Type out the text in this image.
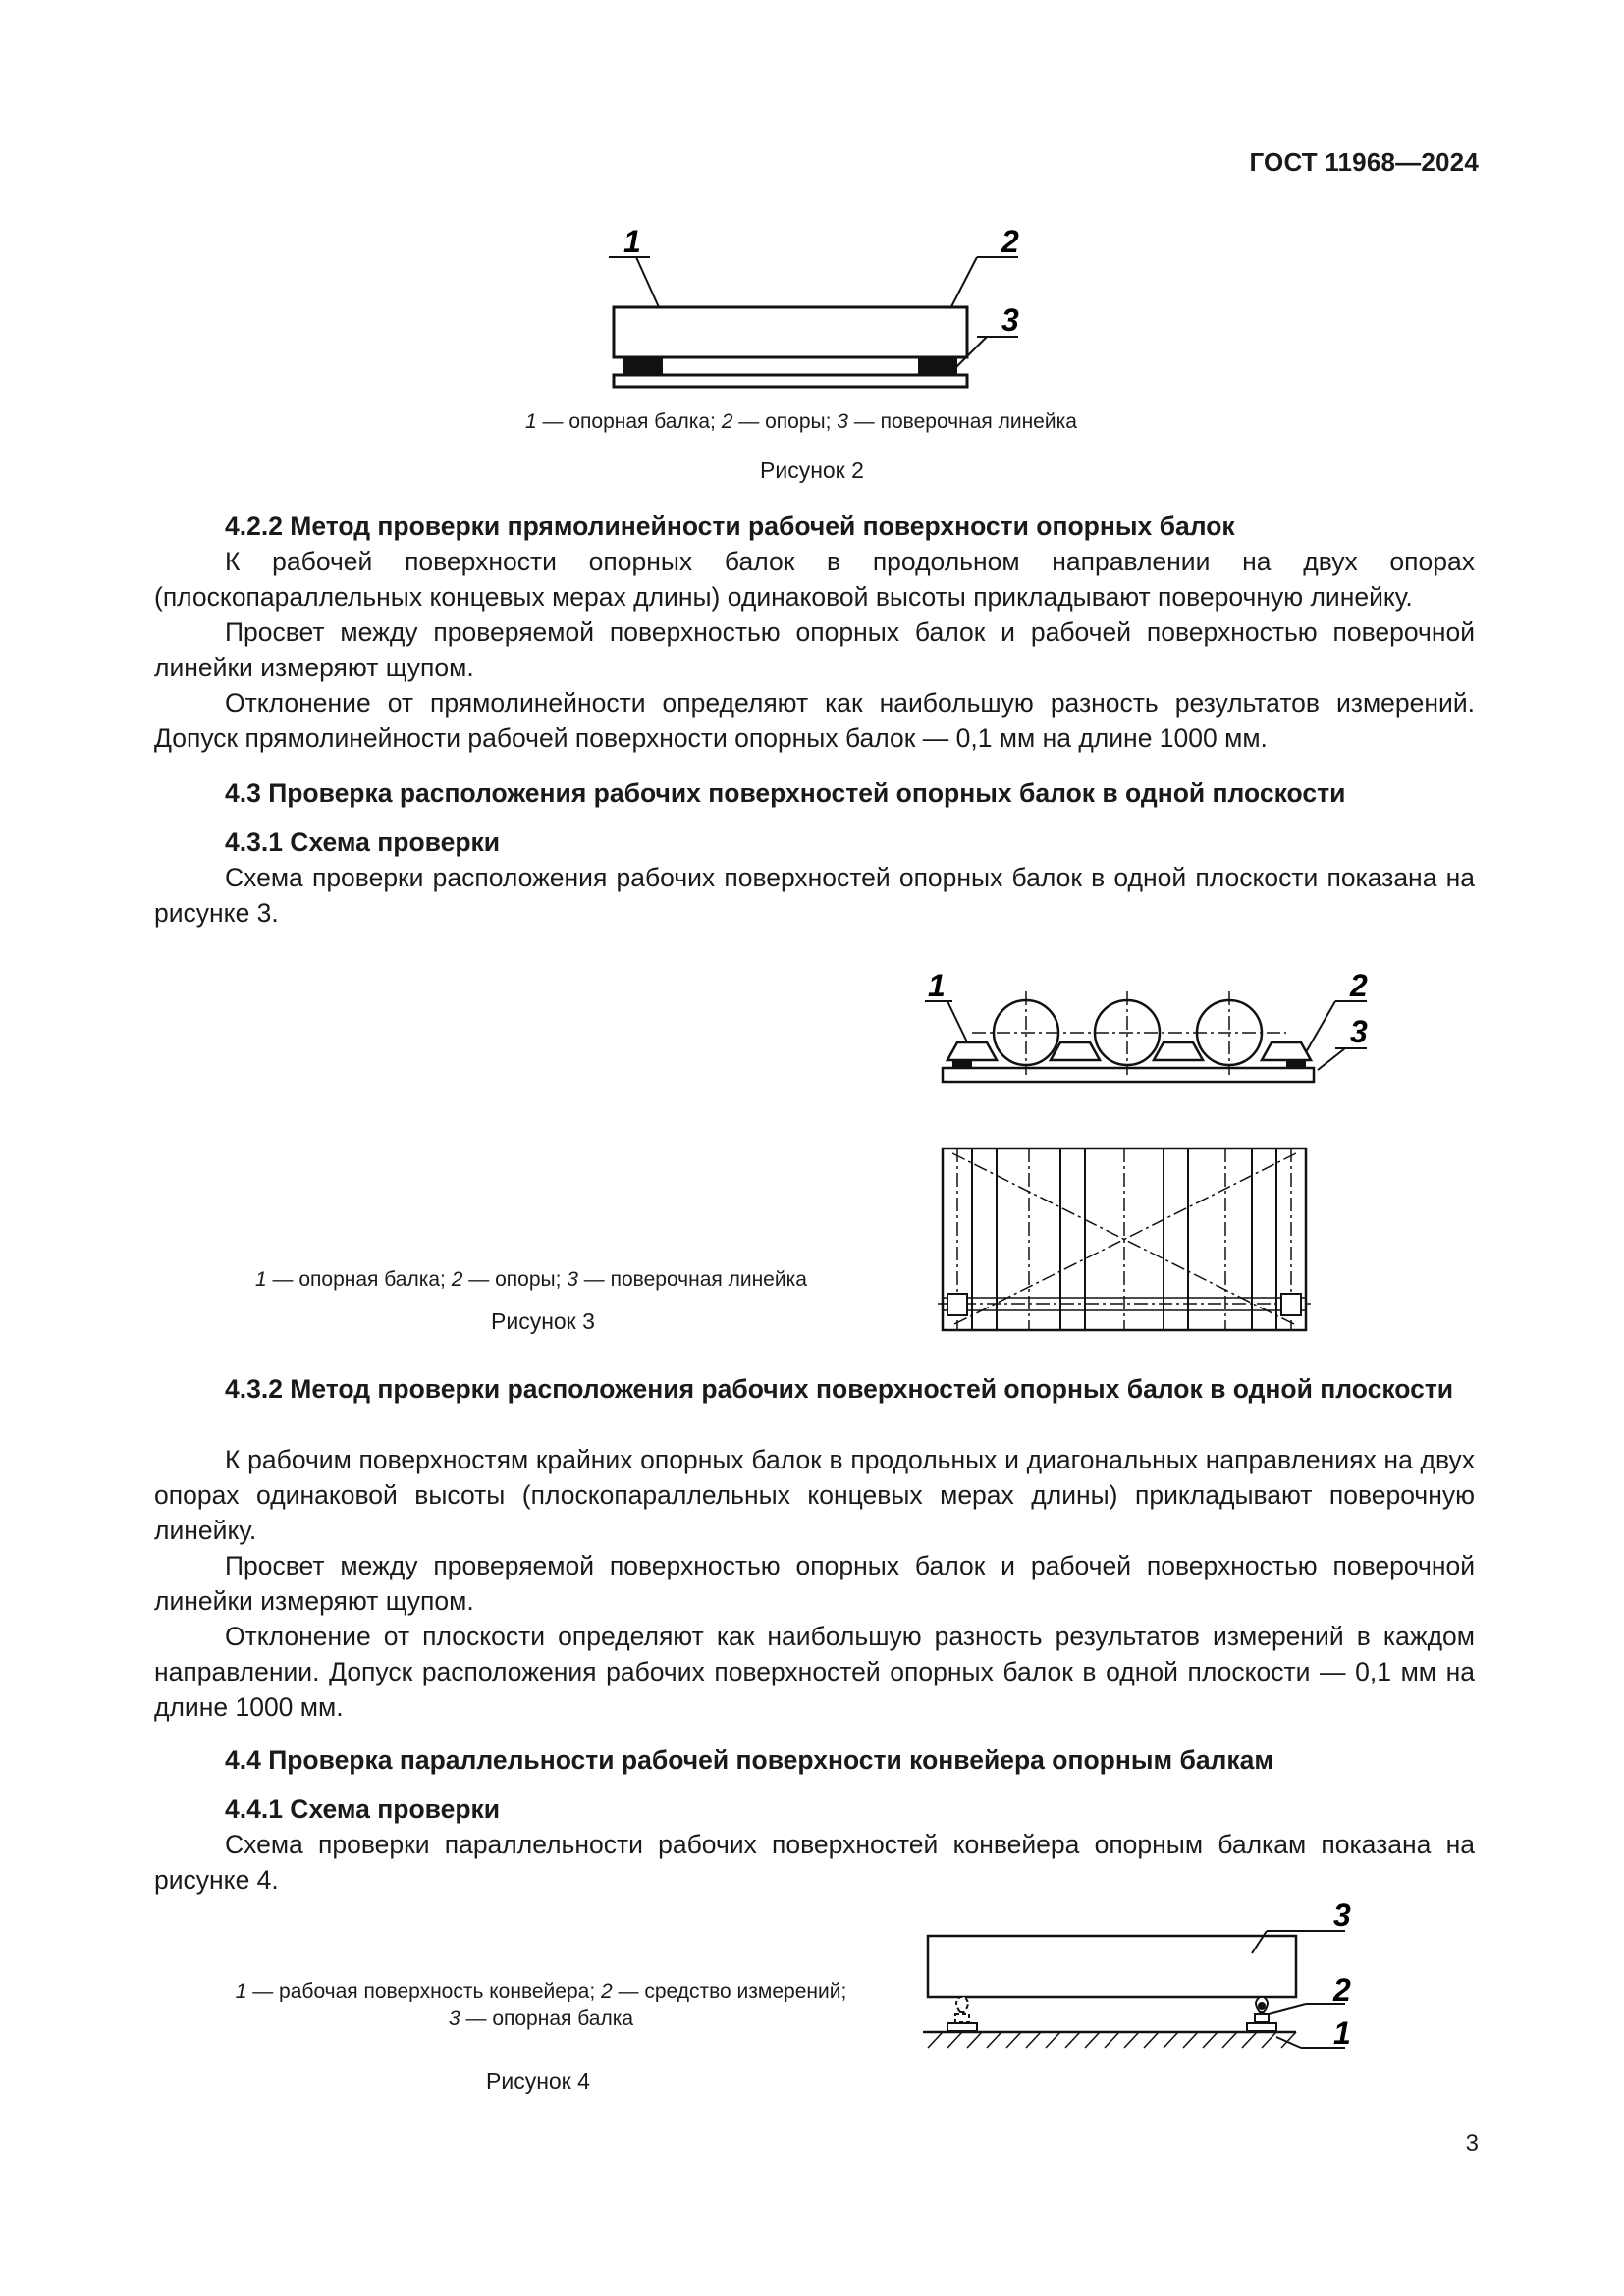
ГОСТ 11968—2024
1	2
3
1 — опорная балка; 2 — опоры; 3 — поверочная линейка
Рисунок 2
4.2.2 Метод проверки прямолинейности рабочей поверхности опорных балок
К рабочей поверхности опорных балок в продольном направлении на двух опорах (плоскопараллельных концевых мерах длины) одинаковой высоты прикладывают поверочную линейку.
Просвет между проверяемой поверхностью опорных балок и рабочей поверхностью поверочной линейки измеряют щупом.
Отклонение от прямолинейности определяют как наибольшую разность результатов измерений. Допуск прямолинейности рабочей поверхности опорных балок — 0,1 мм на длине 1000 мм.
4.3 Проверка расположения рабочих поверхностей опорных балок в одной плоскости
4.3.1 Схема проверки
Схема проверки расположения рабочих поверхностей опорных балок в одной плоскости показана на рисунке 3.
1	2
3
1 — опорная балка; 2 — опоры; 3 — поверочная линейка
Рисунок 3
4.3.2 Метод проверки расположения рабочих поверхностей опорных балок в одной плоскости
К рабочим поверхностям крайних опорных балок в продольных и диагональных направлениях на двух опорах одинаковой высоты (плоскопараллельных концевых мерах длины) прикладывают поверочную линейку.
Просвет между проверяемой поверхностью опорных балок и рабочей поверхностью поверочной линейки измеряют щупом.
Отклонение от плоскости определяют как наибольшую разность результатов измерений в каждом направлении. Допуск расположения рабочих поверхностей опорных балок в одной плоскости — 0,1 мм на длине 1000 мм.
4.4 Проверка параллельности рабочей поверхности конвейера опорным балкам
4.4.1 Схема проверки
Схема проверки параллельности рабочих поверхностей конвейера опорным балкам показана на рисунке 4.
3
2
1
1 — рабочая поверхность конвейера; 2 — средство измерений;
3 — опорная балка
Рисунок 4
3
